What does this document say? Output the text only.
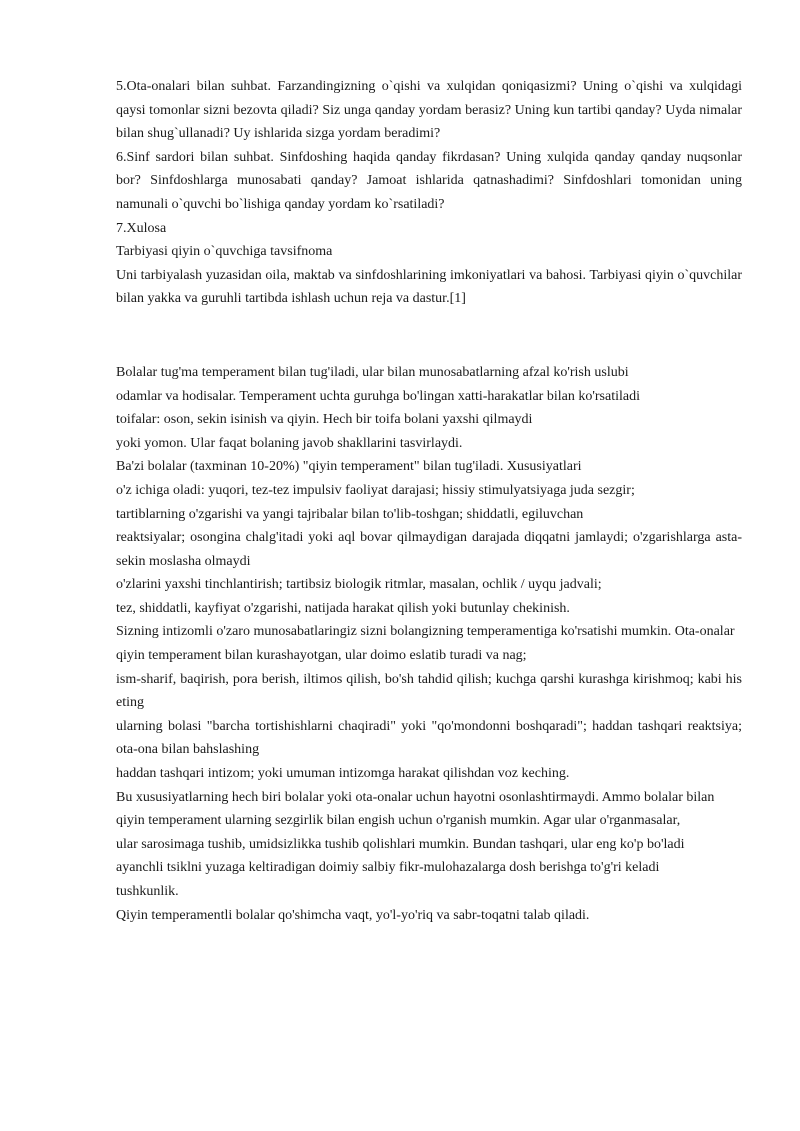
5.Ota-onalari bilan suhbat. Farzandingizning o`qishi va xulqidan qoniqasizmi? Uning o`qishi va xulqidagi qaysi tomonlar sizni bezovta qiladi? Siz unga qanday yordam berasiz? Uning kun tartibi qanday? Uyda nimalar bilan shug`ullanadi? Uy ishlarida sizga yordam beradimi?

6.Sinf sardori bilan suhbat. Sinfdoshing haqida qanday fikrdasan? Uning xulqida qanday qanday nuqsonlar bor? Sinfdoshlarga munosabati qanday? Jamoat ishlarida qatnashadimi? Sinfdoshlari tomonidan uning namunali o`quvchi bo`lishiga qanday yordam ko`rsatiladi?

7.Xulosa

Tarbiyasi qiyin o`quvchiga tavsifnoma

Uni tarbiyalash yuzasidan oila, maktab va sinfdoshlarining imkoniyatlari va bahosi. Tarbiyasi qiyin o`quvchilar bilan yakka va guruhli tartibda ishlash uchun reja va dastur.[1]

Bolalar tug'ma temperament bilan tug'iladi, ular bilan munosabatlarning afzal ko'rish uslubi

odamlar va hodisalar. Temperament uchta guruhga bo'lingan xatti-harakatlar bilan ko'rsatiladi

toifalar: oson, sekin isinish va qiyin. Hech bir toifa bolani yaxshi qilmaydi

yoki yomon. Ular faqat bolaning javob shakllarini tasvirlaydi.

Ba'zi bolalar (taxminan 10-20%) "qiyin temperament" bilan tug'iladi. Xususiyatlari

o'z ichiga oladi: yuqori, tez-tez impulsiv faoliyat darajasi; hissiy stimulyatsiyaga juda sezgir;

tartiblarning o'zgarishi va yangi tajribalar bilan to'lib-toshgan; shiddatli, egiluvchan

reaktsiyalar; osongina chalg'itadi yoki aql bovar qilmaydigan darajada diqqatni jamlaydi; o'zgarishlarga asta-sekin moslasha olmaydi

o'zlarini yaxshi tinchlantirish; tartibsiz biologik ritmlar, masalan, ochlik / uyqu jadvali;

tez, shiddatli, kayfiyat o'zgarishi, natijada harakat qilish yoki butunlay chekinish.

Sizning intizomli o'zaro munosabatlaringiz sizni bolangizning temperamentiga ko'rsatishi mumkin. Ota-onalar

qiyin temperament bilan kurashayotgan, ular doimo eslatib turadi va nag;

ism-sharif, baqirish, pora berish, iltimos qilish, bo'sh tahdid qilish; kuchga qarshi kurashga kirishmoq; kabi his eting

ularning bolasi "barcha tortishishlarni chaqiradi" yoki "qo'mondonni boshqaradi"; haddan tashqari reaktsiya; ota-ona bilan bahslashing

haddan tashqari intizom; yoki umuman intizomga harakat qilishdan voz keching.

Bu xususiyatlarning hech biri bolalar yoki ota-onalar uchun hayotni osonlashtirmaydi. Ammo bolalar bilan

qiyin temperament ularning sezgirlik bilan engish uchun o'rganish mumkin. Agar ular o'rganmasalar,

ular sarosimaga tushib, umidsizlikka tushib qolishlari mumkin. Bundan tashqari, ular eng ko'p bo'ladi

ayanchli tsiklni yuzaga keltiradigan doimiy salbiy fikr-mulohazalarga dosh berishga to'g'ri keladi

tushkunlik.

Qiyin temperamentli bolalar qo'shimcha vaqt, yo'l-yo'riq va sabr-toqatni talab qiladi.
